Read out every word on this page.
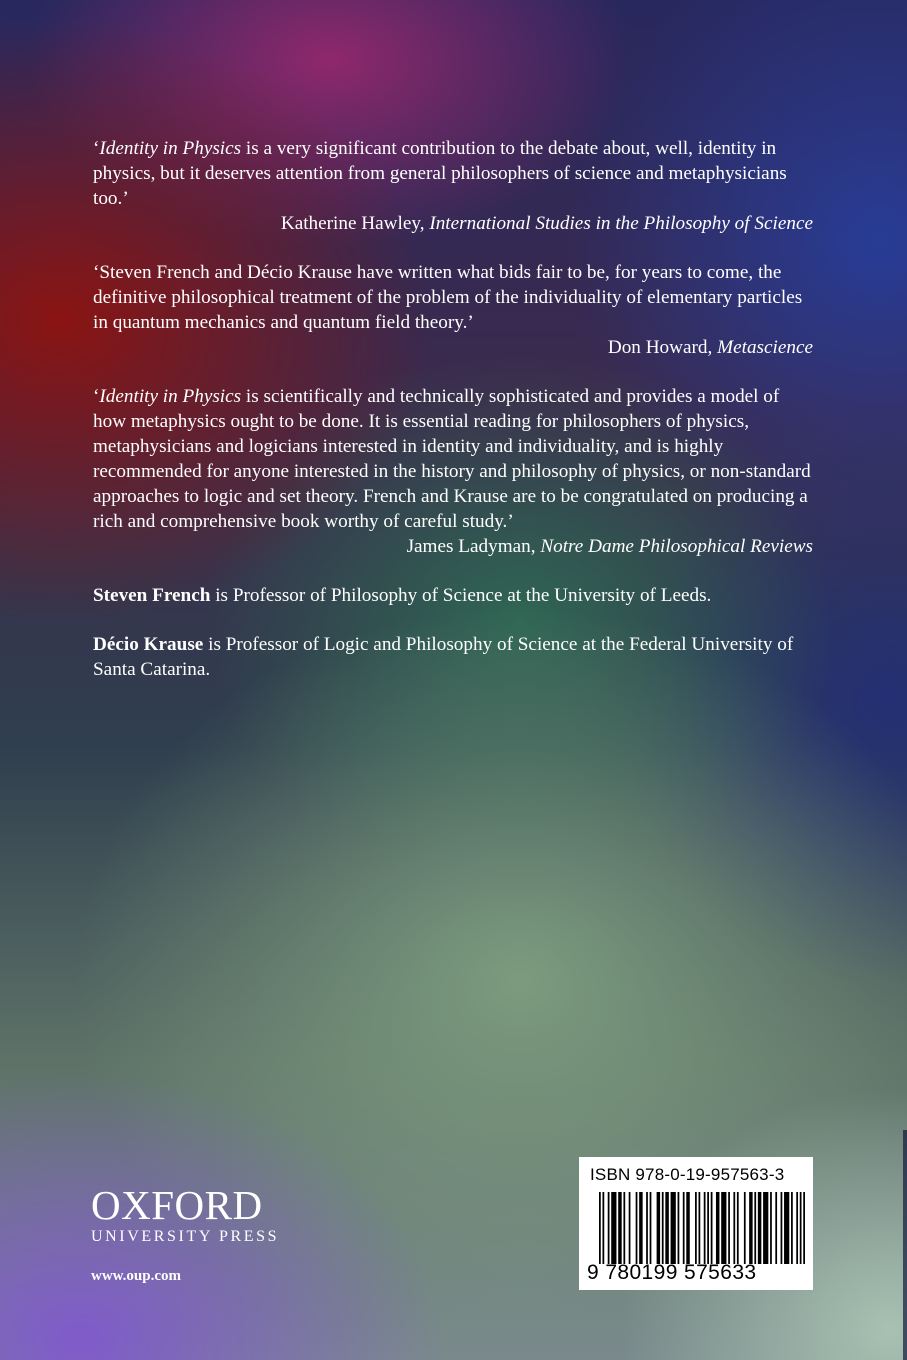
‘Identity in Physics is a very significant contribution to the debate about, well, identity in physics, but it deserves attention from general philosophers of science and metaphysicians too.’

Katherine Hawley, International Studies in the Philosophy of Science

‘Steven French and Décio Krause have written what bids fair to be, for years to come, the definitive philosophical treatment of the problem of the individuality of elementary particles in quantum mechanics and quantum field theory.’

Don Howard, Metascience

‘Identity in Physics is scientifically and technically sophisticated and provides a model of how metaphysics ought to be done. It is essential reading for philosophers of physics, metaphysicians and logicians interested in identity and individuality, and is highly recommended for anyone interested in the history and philosophy of physics, or non-standard approaches to logic and set theory. French and Krause are to be congratulated on producing a rich and comprehensive book worthy of careful study.’

James Ladyman, Notre Dame Philosophical Reviews

Steven French is Professor of Philosophy of Science at the University of Leeds.

Décio Krause is Professor of Logic and Philosophy of Science at the Federal University of Santa Catarina.

OXFORD
UNIVERSITY PRESS
www.oup.com
ISBN 978-0-19-957563-3
9 780199 575633
